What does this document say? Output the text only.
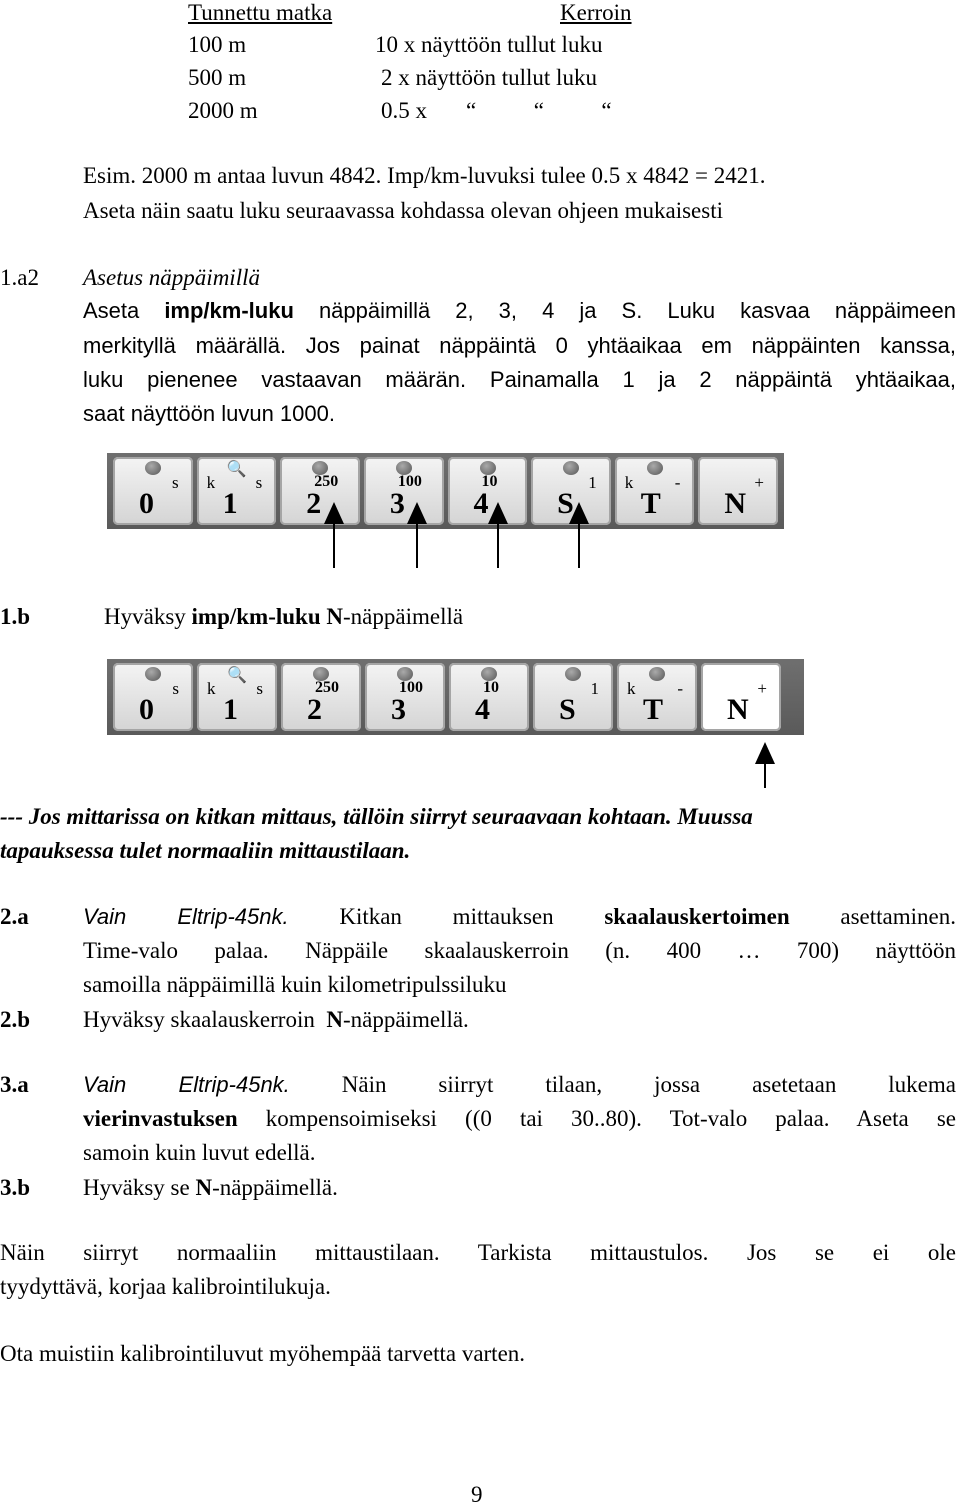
Tunnettu matka	Kerroin
100 m	10 x näyttöön tullut luku
500 m	2 x näyttöön tullut luku
2000 m	0.5 x “          “          “
Esim. 2000 m antaa luvun 4842. Imp/km-luvuksi tulee 0.5 x 4842 = 2421.
Aseta näin saatu luku seuraavassa kohdassa olevan ohjeen mukaisesti
1.a2 Asetus näppäimillä
Aseta imp/km-luku näppäimillä 2, 3, 4 ja S. Luku kasvaa näppäimeen
merkityllä määrällä. Jos painat näppäintä 0 yhtäaikaa em näppäinten kanssa,
luku pienenee vastaavan määrän. Painamalla 1 ja 2 näppäintä yhtäaikaa,
saat näyttöön luvun 1000.
s
0
🔍
k s
1
250
2
100
3
10
4
1
S
k -
T
+
N
1.b	Hyväksy imp/km-luku N-näppäimellä
s
0
🔍
k s
1
250
2
100
3
10
4
1
S
k -
T
+
N
--- Jos mittarissa on kitkan mittaus, tällöin siirryt seuraavaan kohtaan. Muussa
tapauksessa tulet normaaliin mittaustilaan.
2.a Vain Eltrip-45nk. Kitkan mittauksen skaalauskertoimen asettaminen.
Time-valo palaa. Näppäile skaalauskerroin (n. 400 … 700) näyttöön
samoilla näppäimillä kuin kilometripulssiluku
2.b Hyväksy skaalauskerroin  N-näppäimellä.
3.a Vain Eltrip-45nk. Näin siirryt tilaan, jossa asetetaan lukema
vierinvastuksen kompensoimiseksi ((0 tai 30..80). Tot-valo palaa. Aseta se
samoin kuin luvut edellä.
3.b Hyväksy se N-näppäimellä.
Näin siirryt normaaliin mittaustilaan. Tarkista mittaustulos. Jos se ei ole
tyydyttävä, korjaa kalibrointilukuja.
Ota muistiin kalibrointiluvut myöhempää tarvetta varten.
9
